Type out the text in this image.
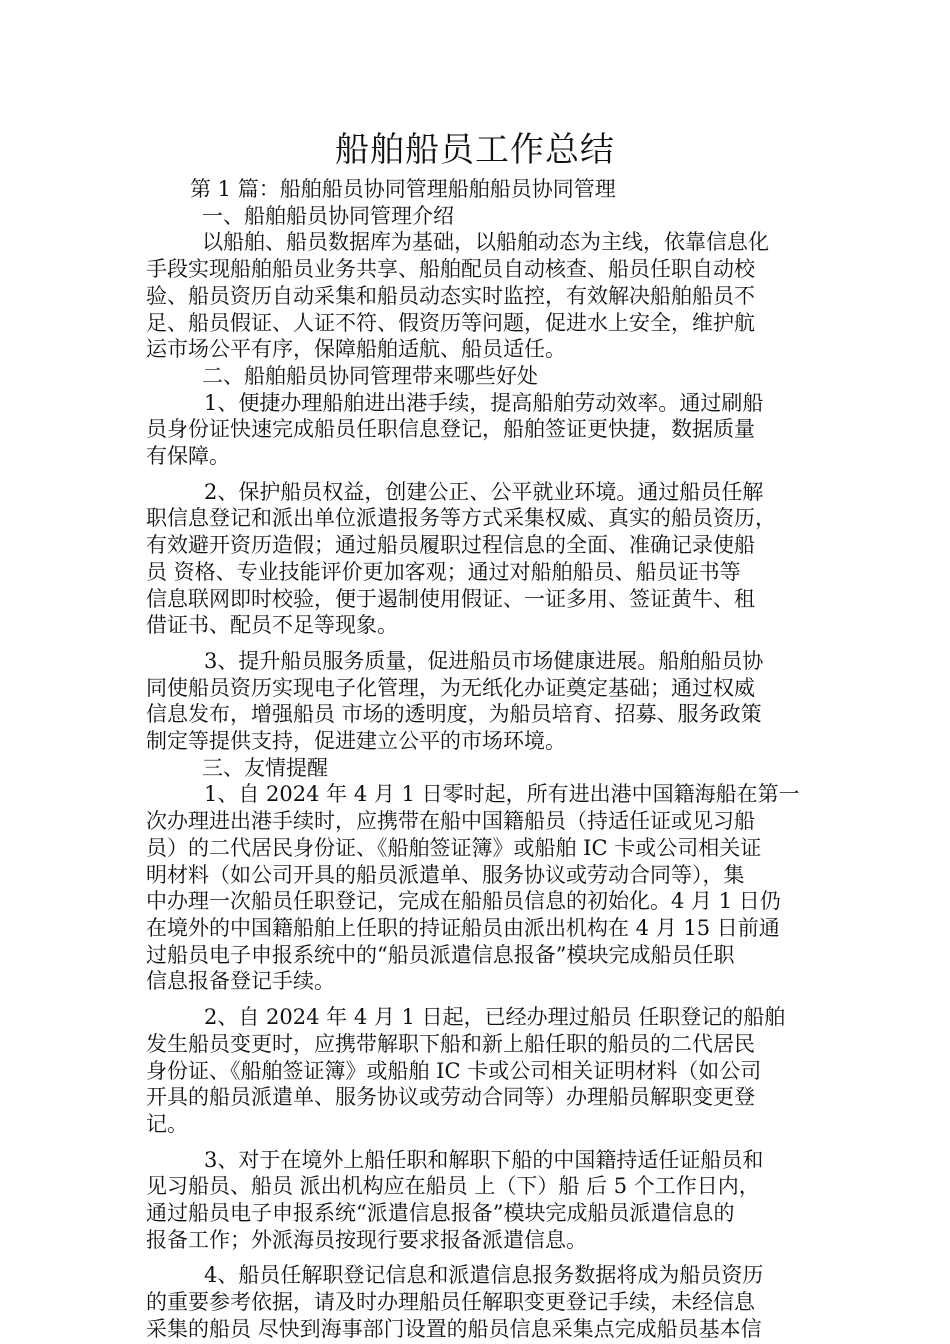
船舶船员工作总结

第 1 篇：船舶船员协同管理船舶船员协同管理

一、船舶船员协同管理介绍

以船舶、船员数据库为基础，以船舶动态为主线，依靠信息化
手段实现船舶船员业务共享、船舶配员自动核查、船员任职自动校
验、船员资历自动采集和船员动态实时监控，有效解决船舶船员不
足、船员假证、人证不符、假资历等问题，促进水上安全，维护航
运市场公平有序，保障船舶适航、船员适任。

二、船舶船员协同管理带来哪些好处

1、便捷办理船舶进出港手续，提高船舶劳动效率。通过刷船
员身份证快速完成船员任职信息登记，船舶签证更快捷，数据质量
有保障。
2、保护船员权益，创建公正、公平就业环境。通过船员任解
职信息登记和派出单位派遣报务等方式采集权威、真实的船员资历，
有效避开资历造假；通过船员履职过程信息的全面、准确记录使船
员 资格、专业技能评价更加客观；通过对船舶船员、船员证书等
信息联网即时校验，便于遏制使用假证、一证多用、签证黄牛、租
借证书、配员不足等现象。
3、提升船员服务质量，促进船员市场健康进展。船舶船员协
同使船员资历实现电子化管理，为无纸化办证奠定基础；通过权威
信息发布，增强船员 市场的透明度，为船员培育、招募、服务政策
制定等提供支持，促进建立公平的市场环境。

三、友情提醒

1、自 2024 年 4 月 1 日零时起，所有进出港中国籍海船在第一
次办理进出港手续时，应携带在船中国籍船员（持适任证或见习船
员）的二代居民身份证、《船舶签证簿》或船舶 IC 卡或公司相关证
明材料（如公司开具的船员派遣单、服务协议或劳动合同等），集
中办理一次船员任职登记，完成在船船员信息的初始化。4 月 1 日仍
在境外的中国籍船舶上任职的持证船员由派出机构在 4 月 15 日前通
过船员电子申报系统中的“船员派遣信息报备”模块完成船员任职
信息报备登记手续。
2、自 2024 年 4 月 1 日起，已经办理过船员 任职登记的船舶
发生船员变更时，应携带解职下船和新上船任职的船员的二代居民
身份证、《船舶签证簿》或船舶 IC 卡或公司相关证明材料（如公司
开具的船员派遣单、服务协议或劳动合同等）办理船员解职变更登
记。
3、对于在境外上船任职和解职下船的中国籍持适任证船员和
见习船员、船员 派出机构应在船员 上（下）船 后 5 个工作日内，
通过船员电子申报系统“派遣信息报备”模块完成船员派遣信息的
报备工作；外派海员按现行要求报备派遣信息。
4、船员任解职登记信息和派遣信息报务数据将成为船员资历
的重要参考依据，请及时办理船员任解职变更登记手续，未经信息
采集的船员 尽快到海事部门设置的船员信息采集点完成船员基本信
